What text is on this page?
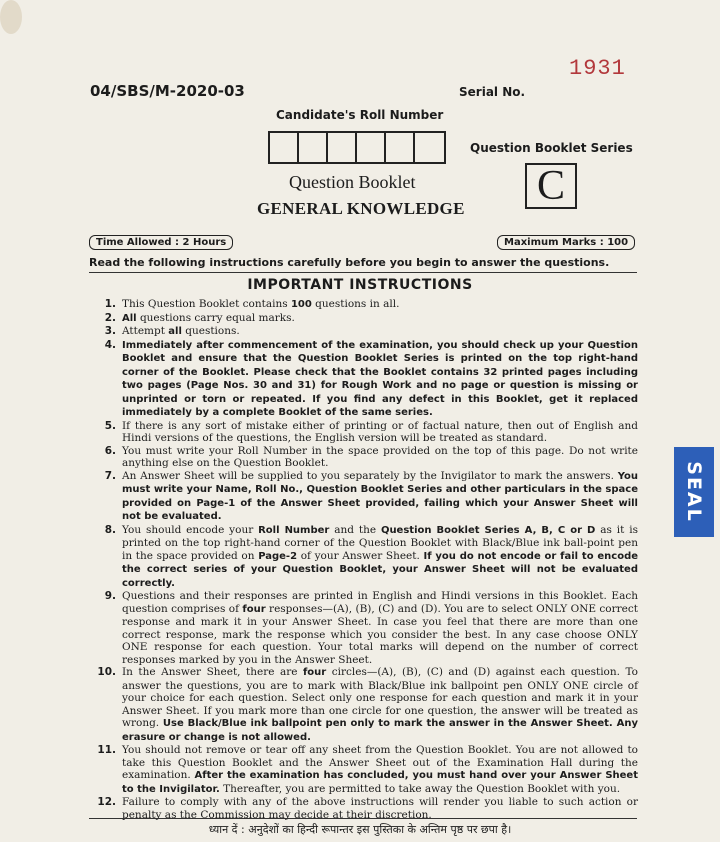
1931
04/SBS/M-2020-03	Serial No.
Candidate's Roll Number
Question Booklet Series
C
Question Booklet
GENERAL KNOWLEDGE
Time Allowed : 2 Hours	Maximum Marks : 100
Read the following instructions carefully before you begin to answer the questions.
IMPORTANT INSTRUCTIONS
1. This Question Booklet contains 100 questions in all.
2. All questions carry equal marks.
3. Attempt all questions.
4. Immediately after commencement of the examination, you should check up your Question Booklet and ensure that the Question Booklet Series is printed on the top right-hand corner of the Booklet. Please check that the Booklet contains 32 printed pages including two pages (Page Nos. 30 and 31) for Rough Work and no page or question is missing or unprinted or torn or repeated. If you find any defect in this Booklet, get it replaced immediately by a complete Booklet of the same series.
5. If there is any sort of mistake either of printing or of factual nature, then out of English and Hindi versions of the questions, the English version will be treated as standard.
6. You must write your Roll Number in the space provided on the top of this page. Do not write anything else on the Question Booklet.
7. An Answer Sheet will be supplied to you separately by the Invigilator to mark the answers. You must write your Name, Roll No., Question Booklet Series and other particulars in the space provided on Page-1 of the Answer Sheet provided, failing which your Answer Sheet will not be evaluated.
8. You should encode your Roll Number and the Question Booklet Series A, B, C or D as it is printed on the top right-hand corner of the Question Booklet with Black/Blue ink ball-point pen in the space provided on Page-2 of your Answer Sheet. If you do not encode or fail to encode the correct series of your Question Booklet, your Answer Sheet will not be evaluated correctly.
9. Questions and their responses are printed in English and Hindi versions in this Booklet. Each question comprises of four responses—(A), (B), (C) and (D). You are to select ONLY ONE correct response and mark it in your Answer Sheet. In case you feel that there are more than one correct response, mark the response which you consider the best. In any case choose ONLY ONE response for each question. Your total marks will depend on the number of correct responses marked by you in the Answer Sheet.
10. In the Answer Sheet, there are four circles—(A), (B), (C) and (D) against each question. To answer the questions, you are to mark with Black/Blue ink ballpoint pen ONLY ONE circle of your choice for each question. Select only one response for each question and mark it in your Answer Sheet. If you mark more than one circle for one question, the answer will be treated as wrong. Use Black/Blue ink ballpoint pen only to mark the answer in the Answer Sheet. Any erasure or change is not allowed.
11. You should not remove or tear off any sheet from the Question Booklet. You are not allowed to take this Question Booklet and the Answer Sheet out of the Examination Hall during the examination. After the examination has concluded, you must hand over your Answer Sheet to the Invigilator. Thereafter, you are permitted to take away the Question Booklet with you.
12. Failure to comply with any of the above instructions will render you liable to such action or penalty as the Commission may decide at their discretion.
ध्यान दें : अनुदेशों का हिन्दी रूपान्तर इस पुस्तिका के अन्तिम पृष्ठ पर छपा है।
SEAL
